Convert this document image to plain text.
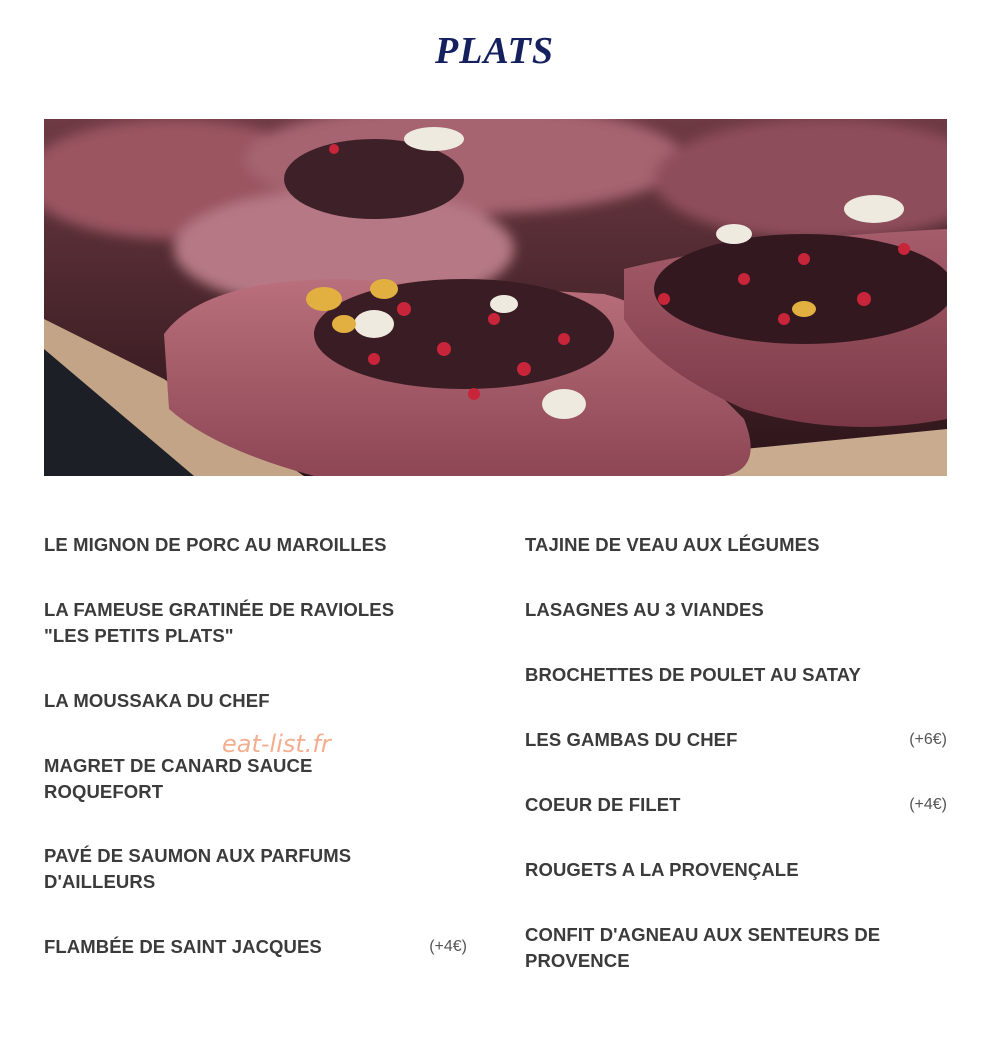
PLATS
LE MIGNON DE PORC AU MAROILLES
LA FAMEUSE GRATINÉE DE RAVIOLES "LES PETITS PLATS"
LA MOUSSAKA DU CHEF
MAGRET DE CANARD SAUCE ROQUEFORT
PAVÉ DE SAUMON AUX PARFUMS D'AILLEURS
FLAMBÉE DE SAINT JACQUES	(+4€)
TAJINE DE VEAU AUX LÉGUMES
LASAGNES AU 3 VIANDES
BROCHETTES DE POULET AU SATAY
LES GAMBAS DU CHEF	(+6€)
COEUR DE FILET	(+4€)
ROUGETS A LA PROVENÇALE
CONFIT D'AGNEAU AUX SENTEURS DE PROVENCE
eat-list.fr
